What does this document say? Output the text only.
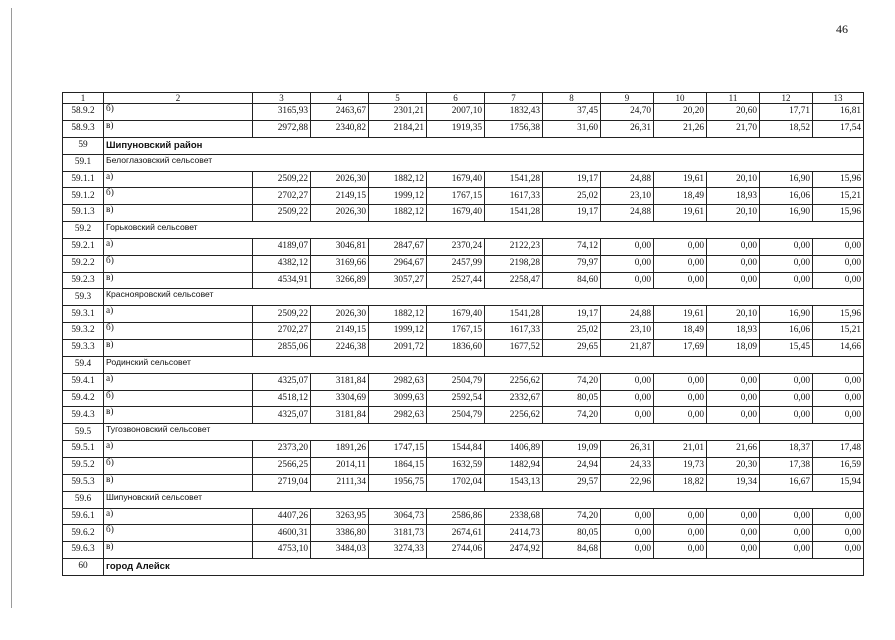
46
1	2	3	4	5	6	7	8	9	10	11	12	13
58.9.2	б)	3165,93	2463,67	2301,21	2007,10	1832,43	37,45	24,70	20,20	20,60	17,71	16,81
58.9.3	в)	2972,88	2340,82	2184,21	1919,35	1756,38	31,60	26,31	21,26	21,70	18,52	17,54
59	Шипуновский район											
59.1	Белоглазовский сельсовет											
59.1.1	а)	2509,22	2026,30	1882,12	1679,40	1541,28	19,17	24,88	19,61	20,10	16,90	15,96
59.1.2	б)	2702,27	2149,15	1999,12	1767,15	1617,33	25,02	23,10	18,49	18,93	16,06	15,21
59.1.3	в)	2509,22	2026,30	1882,12	1679,40	1541,28	19,17	24,88	19,61	20,10	16,90	15,96
59.2	Горьковский сельсовет											
59.2.1	а)	4189,07	3046,81	2847,67	2370,24	2122,23	74,12	0,00	0,00	0,00	0,00	0,00
59.2.2	б)	4382,12	3169,66	2964,67	2457,99	2198,28	79,97	0,00	0,00	0,00	0,00	0,00
59.2.3	в)	4534,91	3266,89	3057,27	2527,44	2258,47	84,60	0,00	0,00	0,00	0,00	0,00
59.3	Краснояровский сельсовет											
59.3.1	а)	2509,22	2026,30	1882,12	1679,40	1541,28	19,17	24,88	19,61	20,10	16,90	15,96
59.3.2	б)	2702,27	2149,15	1999,12	1767,15	1617,33	25,02	23,10	18,49	18,93	16,06	15,21
59.3.3	в)	2855,06	2246,38	2091,72	1836,60	1677,52	29,65	21,87	17,69	18,09	15,45	14,66
59.4	Родинский сельсовет											
59.4.1	а)	4325,07	3181,84	2982,63	2504,79	2256,62	74,20	0,00	0,00	0,00	0,00	0,00
59.4.2	б)	4518,12	3304,69	3099,63	2592,54	2332,67	80,05	0,00	0,00	0,00	0,00	0,00
59.4.3	в)	4325,07	3181,84	2982,63	2504,79	2256,62	74,20	0,00	0,00	0,00	0,00	0,00
59.5	Тугозвоновский сельсовет											
59.5.1	а)	2373,20	1891,26	1747,15	1544,84	1406,89	19,09	26,31	21,01	21,66	18,37	17,48
59.5.2	б)	2566,25	2014,11	1864,15	1632,59	1482,94	24,94	24,33	19,73	20,30	17,38	16,59
59.5.3	в)	2719,04	2111,34	1956,75	1702,04	1543,13	29,57	22,96	18,82	19,34	16,67	15,94
59.6	Шипуновский сельсовет											
59.6.1	а)	4407,26	3263,95	3064,73	2586,86	2338,68	74,20	0,00	0,00	0,00	0,00	0,00
59.6.2	б)	4600,31	3386,80	3181,73	2674,61	2414,73	80,05	0,00	0,00	0,00	0,00	0,00
59.6.3	в)	4753,10	3484,03	3274,33	2744,06	2474,92	84,68	0,00	0,00	0,00	0,00	0,00
60	город Алейск											
